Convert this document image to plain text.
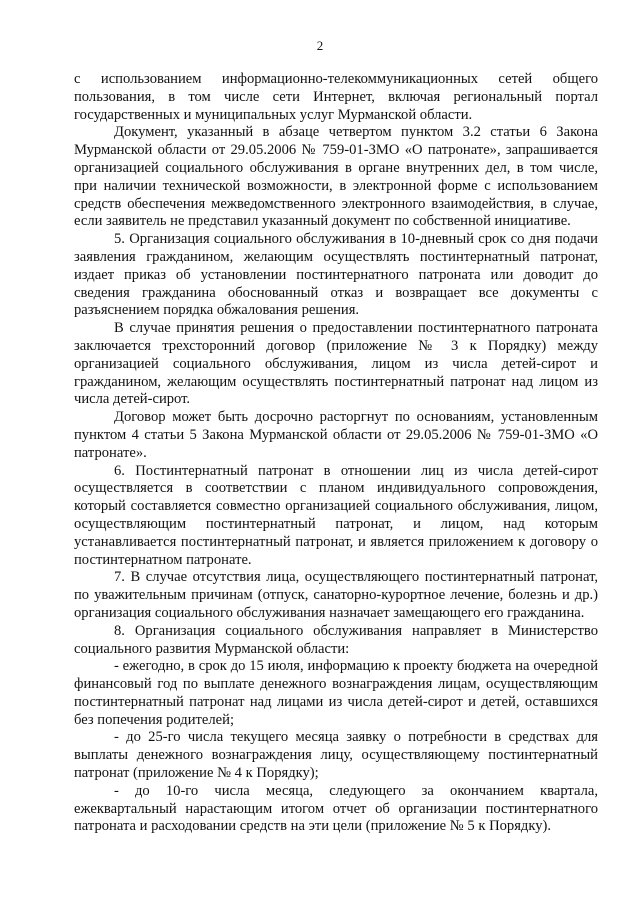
2

с использованием информационно-телекоммуникационных сетей общего пользования, в том числе сети Интернет, включая региональный портал государственных и муниципальных услуг Мурманской области.

Документ, указанный в абзаце четвертом пунктом 3.2 статьи 6 Закона Мурманской области от 29.05.2006 № 759-01-ЗМО «О патронате», запрашивается организацией социального обслуживания в органе внутренних дел, в том числе, при наличии технической возможности, в электронной форме с использованием средств обеспечения межведомственного электронного взаимодействия, в случае, если заявитель не представил указанный документ по собственной инициативе.

5. Организация социального обслуживания в 10-дневный срок со дня подачи заявления гражданином, желающим осуществлять постинтернатный патронат, издает приказ об установлении постинтернатного патроната или доводит до сведения гражданина обоснованный отказ и возвращает все документы с разъяснением порядка обжалования решения.

В случае принятия решения о предоставлении постинтернатного патроната заключается трехсторонний договор (приложение № 3 к Порядку) между организацией социального обслуживания, лицом из числа детей-сирот и гражданином, желающим осуществлять постинтернатный патронат над лицом из числа детей-сирот.

Договор может быть досрочно расторгнут по основаниям, установленным пунктом 4 статьи 5 Закона Мурманской области от 29.05.2006 № 759-01-ЗМО «О патронате».

6. Постинтернатный патронат в отношении лиц из числа детей-сирот осуществляется в соответствии с планом индивидуального сопровождения, который составляется совместно организацией социального обслуживания, лицом, осуществляющим постинтернатный патронат, и лицом, над которым устанавливается постинтернатный патронат, и является приложением к договору о постинтернатном патронате.

7. В случае отсутствия лица, осуществляющего постинтернатный патронат, по уважительным причинам (отпуск, санаторно-курортное лечение, болезнь и др.) организация социального обслуживания назначает замещающего его гражданина.

8. Организация социального обслуживания направляет в Министерство социального развития Мурманской области:

- ежегодно, в срок до 15 июля, информацию к проекту бюджета на очередной финансовый год по выплате денежного вознаграждения лицам, осуществляющим постинтернатный патронат над лицами из числа детей-сирот и детей, оставшихся без попечения родителей;

- до 25-го числа текущего месяца заявку о потребности в средствах для выплаты денежного вознаграждения лицу, осуществляющему постинтернатный патронат (приложение № 4 к Порядку);

- до 10-го числа месяца, следующего за окончанием квартала, ежеквартальный нарастающим итогом отчет об организации постинтернатного патроната и расходовании средств на эти цели (приложение № 5 к Порядку).
